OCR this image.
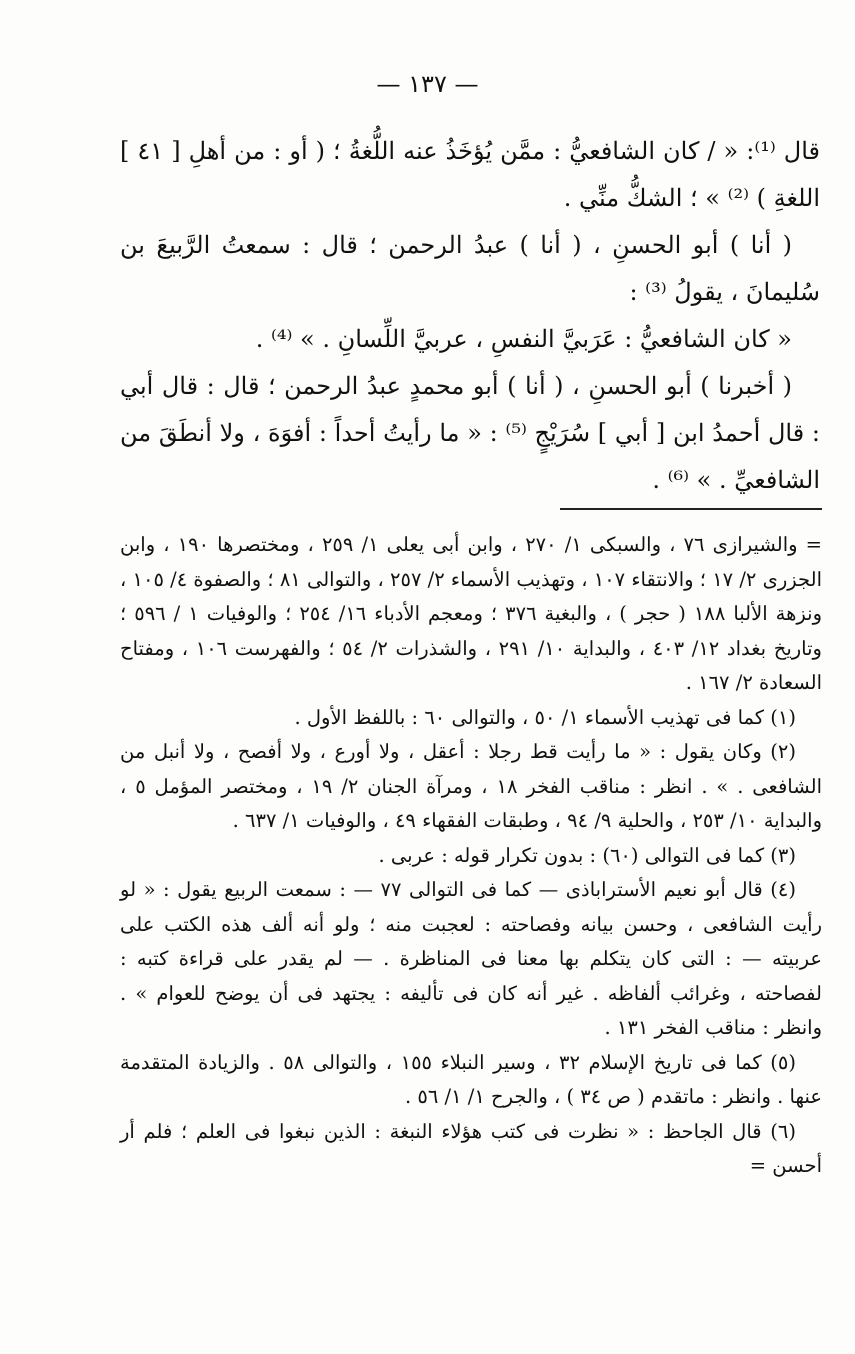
— ١٣٧ —

قال ⁽¹⁾: « / كان الشافعيُّ : ممَّن يُؤخَذُ عنه اللُّغةُ ؛ ( أو : من أهلِ [ ٤١ ] اللغةِ ) ⁽²⁾ » ؛ الشكُّ منِّي .

( أنا ) أبو الحسنِ ، ( أنا ) عبدُ الرحمن ؛ قال : سمعتُ الرَّبيعَ بن سُليمانَ ، يقولُ ⁽³⁾ :

« كان الشافعيُّ : عَرَبيَّ النفسِ ، عربيَّ اللِّسانِ . » ⁽⁴⁾ .

( أخبرنا ) أبو الحسنِ ، ( أنا ) أبو محمدٍ عبدُ الرحمن ؛ قال : قال أبي : قال أحمدُ ابن [ أبي ] سُرَيْجٍ ⁽⁵⁾ : « ما رأيتُ أحداً : أفوَهَ ، ولا أنطَقَ من الشافعيِّ . » ⁽⁶⁾ .

= والشيرازى ٧٦ ، والسبكى ١/ ٢٧٠ ، وابن أبى يعلى ١/ ٢٥٩ ، ومختصرها ١٩٠ ، وابن الجزرى ٢/ ١٧ ؛ والانتقاء ١٠٧ ، وتهذيب الأسماء ٢/ ٢٥٧ ، والتوالى ٨١ ؛ والصفوة ٤/ ١٠٥ ، ونزهة الألبا ١٨٨ ( حجر ) ، والبغية ٣٧٦ ؛ ومعجم الأدباء ١٦/ ٢٥٤ ؛ والوفيات ١ / ٥٩٦ ؛ وتاريخ بغداد ١٢/ ٤٠٣ ، والبداية ١٠/ ٢٩١ ، والشذرات ٢/ ٥٤ ؛ والفهرست ١٠٦ ، ومفتاح السعادة ٢/ ١٦٧ .

(١) كما فى تهذيب الأسماء ١/ ٥٠ ، والتوالى ٦٠ : باللفظ الأول .

(٢) وكان يقول : « ما رأيت قط رجلا : أعقل ، ولا أورع ، ولا أفصح ، ولا أنبل من الشافعى . » . انظر : مناقب الفخر ١٨ ، ومرآة الجنان ٢/ ١٩ ، ومختصر المؤمل ٥ ، والبداية ١٠/ ٢٥٣ ، والحلية ٩/ ٩٤ ، وطبقات الفقهاء ٤٩ ، والوفيات ١/ ٦٣٧ .

(٣) كما فى التوالى (٦٠) : بدون تكرار قوله : عربى .

(٤) قال أبو نعيم الأستراباذى — كما فى التوالى ٧٧ — : سمعت الربيع يقول : « لو رأيت الشافعى ، وحسن بيانه وفصاحته : لعجبت منه ؛ ولو أنه ألف هذه الكتب على عربيته — : التى كان يتكلم بها معنا فى المناظرة . — لم يقدر على قراءة كتبه : لفصاحته ، وغرائب ألفاظه . غير أنه كان فى تأليفه : يجتهد فى أن يوضح للعوام » . وانظر : مناقب الفخر ١٣١ .

(٥) كما فى تاريخ الإسلام ٣٢ ، وسير النبلاء ١٥٥ ، والتوالى ٥٨ . والزيادة المتقدمة عنها . وانظر : ماتقدم ( ص ٣٤ ) ، والجرح ١/ ١/ ٥٦ .

(٦) قال الجاحظ : « نظرت فى كتب هؤلاء النبغة : الذين نبغوا فى العلم ؛ فلم أر أحسن =
